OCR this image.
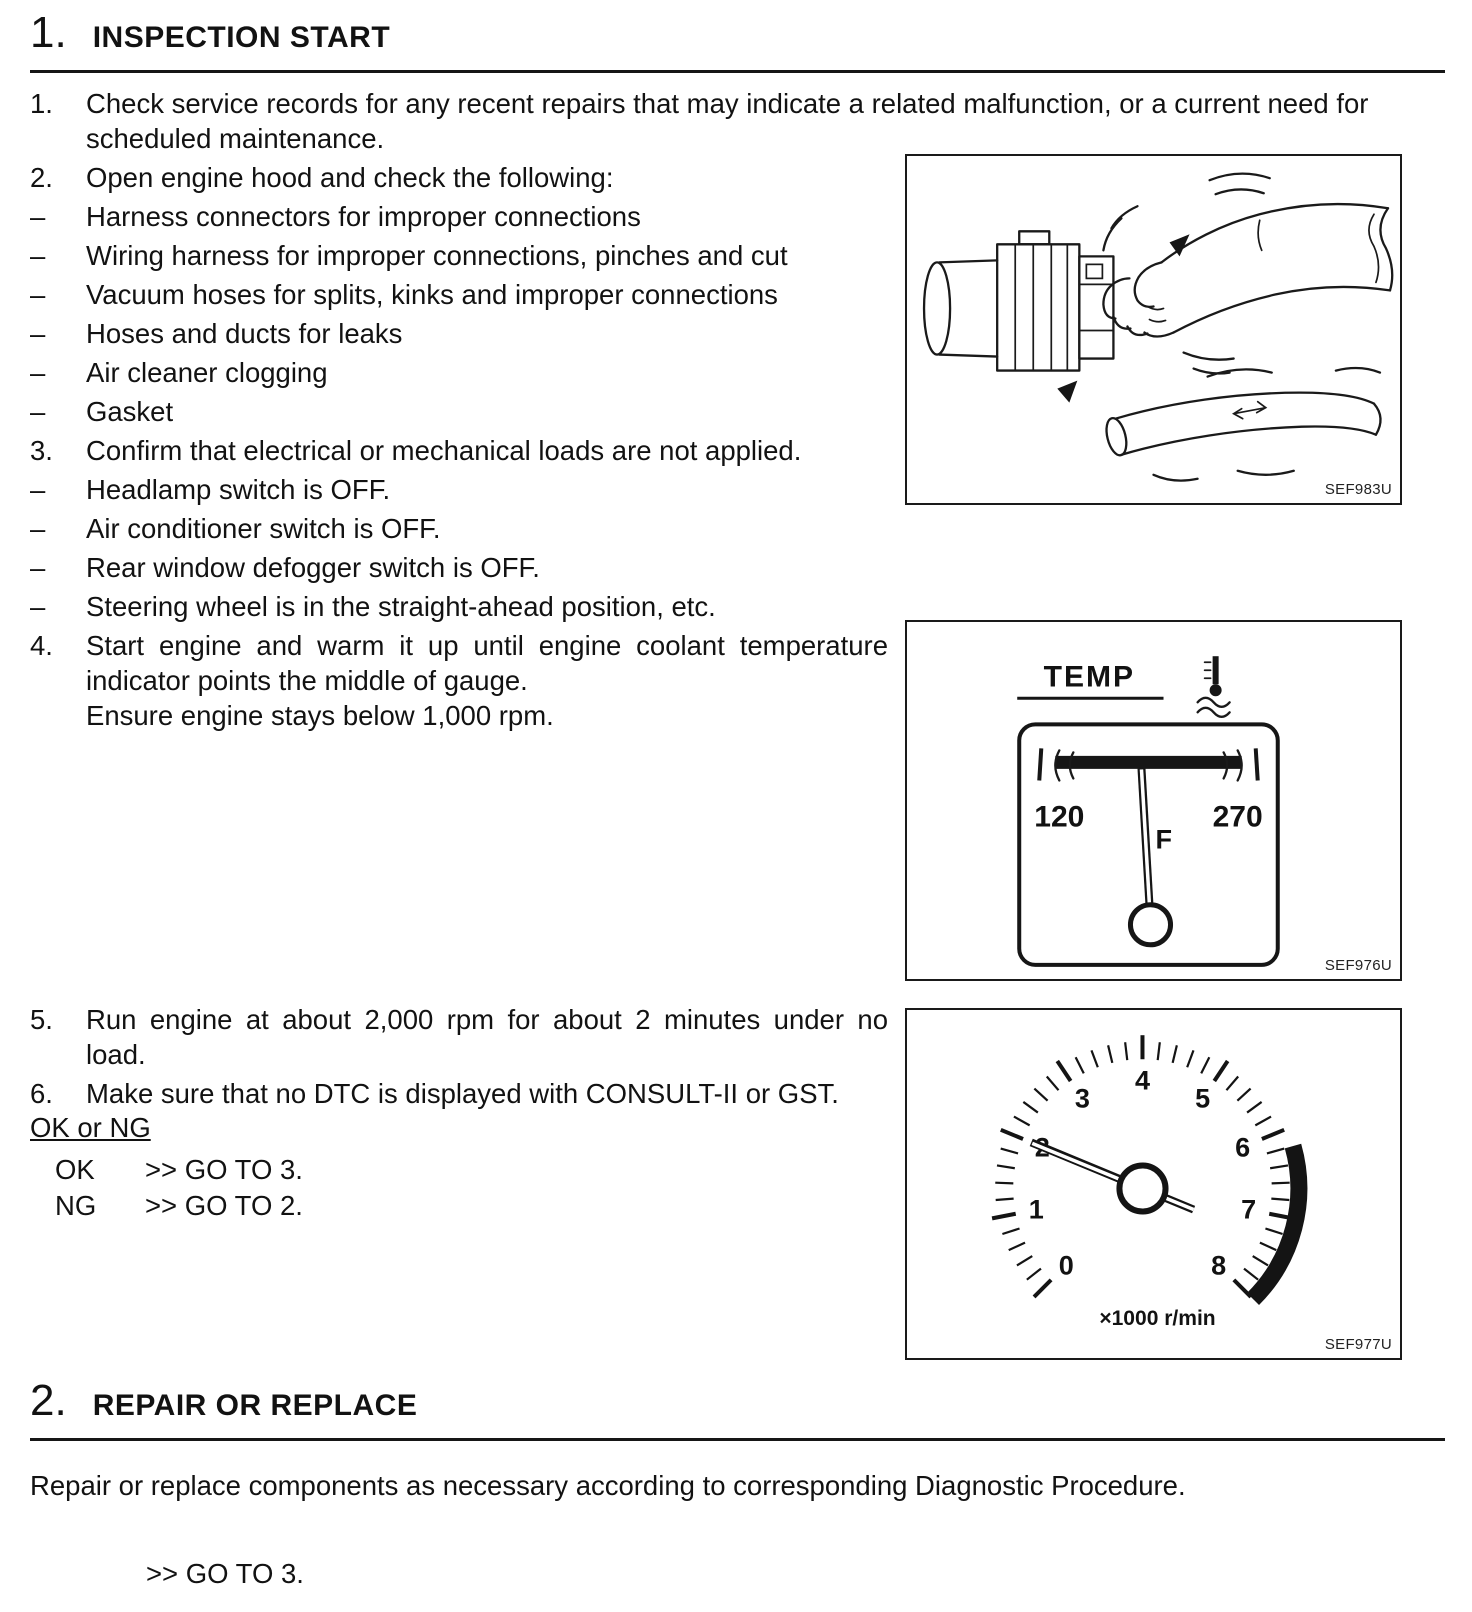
1. INSPECTION START
1.	Check service records for any recent repairs that may indicate a related malfunction, or a current need for scheduled maintenance.
2.	Open engine hood and check the following:
–	Harness connectors for improper connections
–	Wiring harness for improper connections, pinches and cut
–	Vacuum hoses for splits, kinks and improper connections
–	Hoses and ducts for leaks
–	Air cleaner clogging
–	Gasket
3.	Confirm that electrical or mechanical loads are not applied.
–	Headlamp switch is OFF.
–	Air conditioner switch is OFF.
–	Rear window defogger switch is OFF.
–	Steering wheel is in the straight-ahead position, etc.
4.	Start engine and warm it up until engine coolant temperature indicator points the middle of gauge.
Ensure engine stays below 1,000 rpm.
5.	Run engine at about 2,000 rpm for about 2 minutes under no load.
6.	Make sure that no DTC is displayed with CONSULT-II or GST.
OK or NG
OK	>> GO TO 3.
NG	>> GO TO 2.
SEF983U
TEMP
120	270
F
SEF976U
0
1
3
4
5
6
7
8
×1000 r/min
SEF977U
2. REPAIR OR REPLACE
Repair or replace components as necessary according to corresponding Diagnostic Procedure.
>> GO TO 3.
